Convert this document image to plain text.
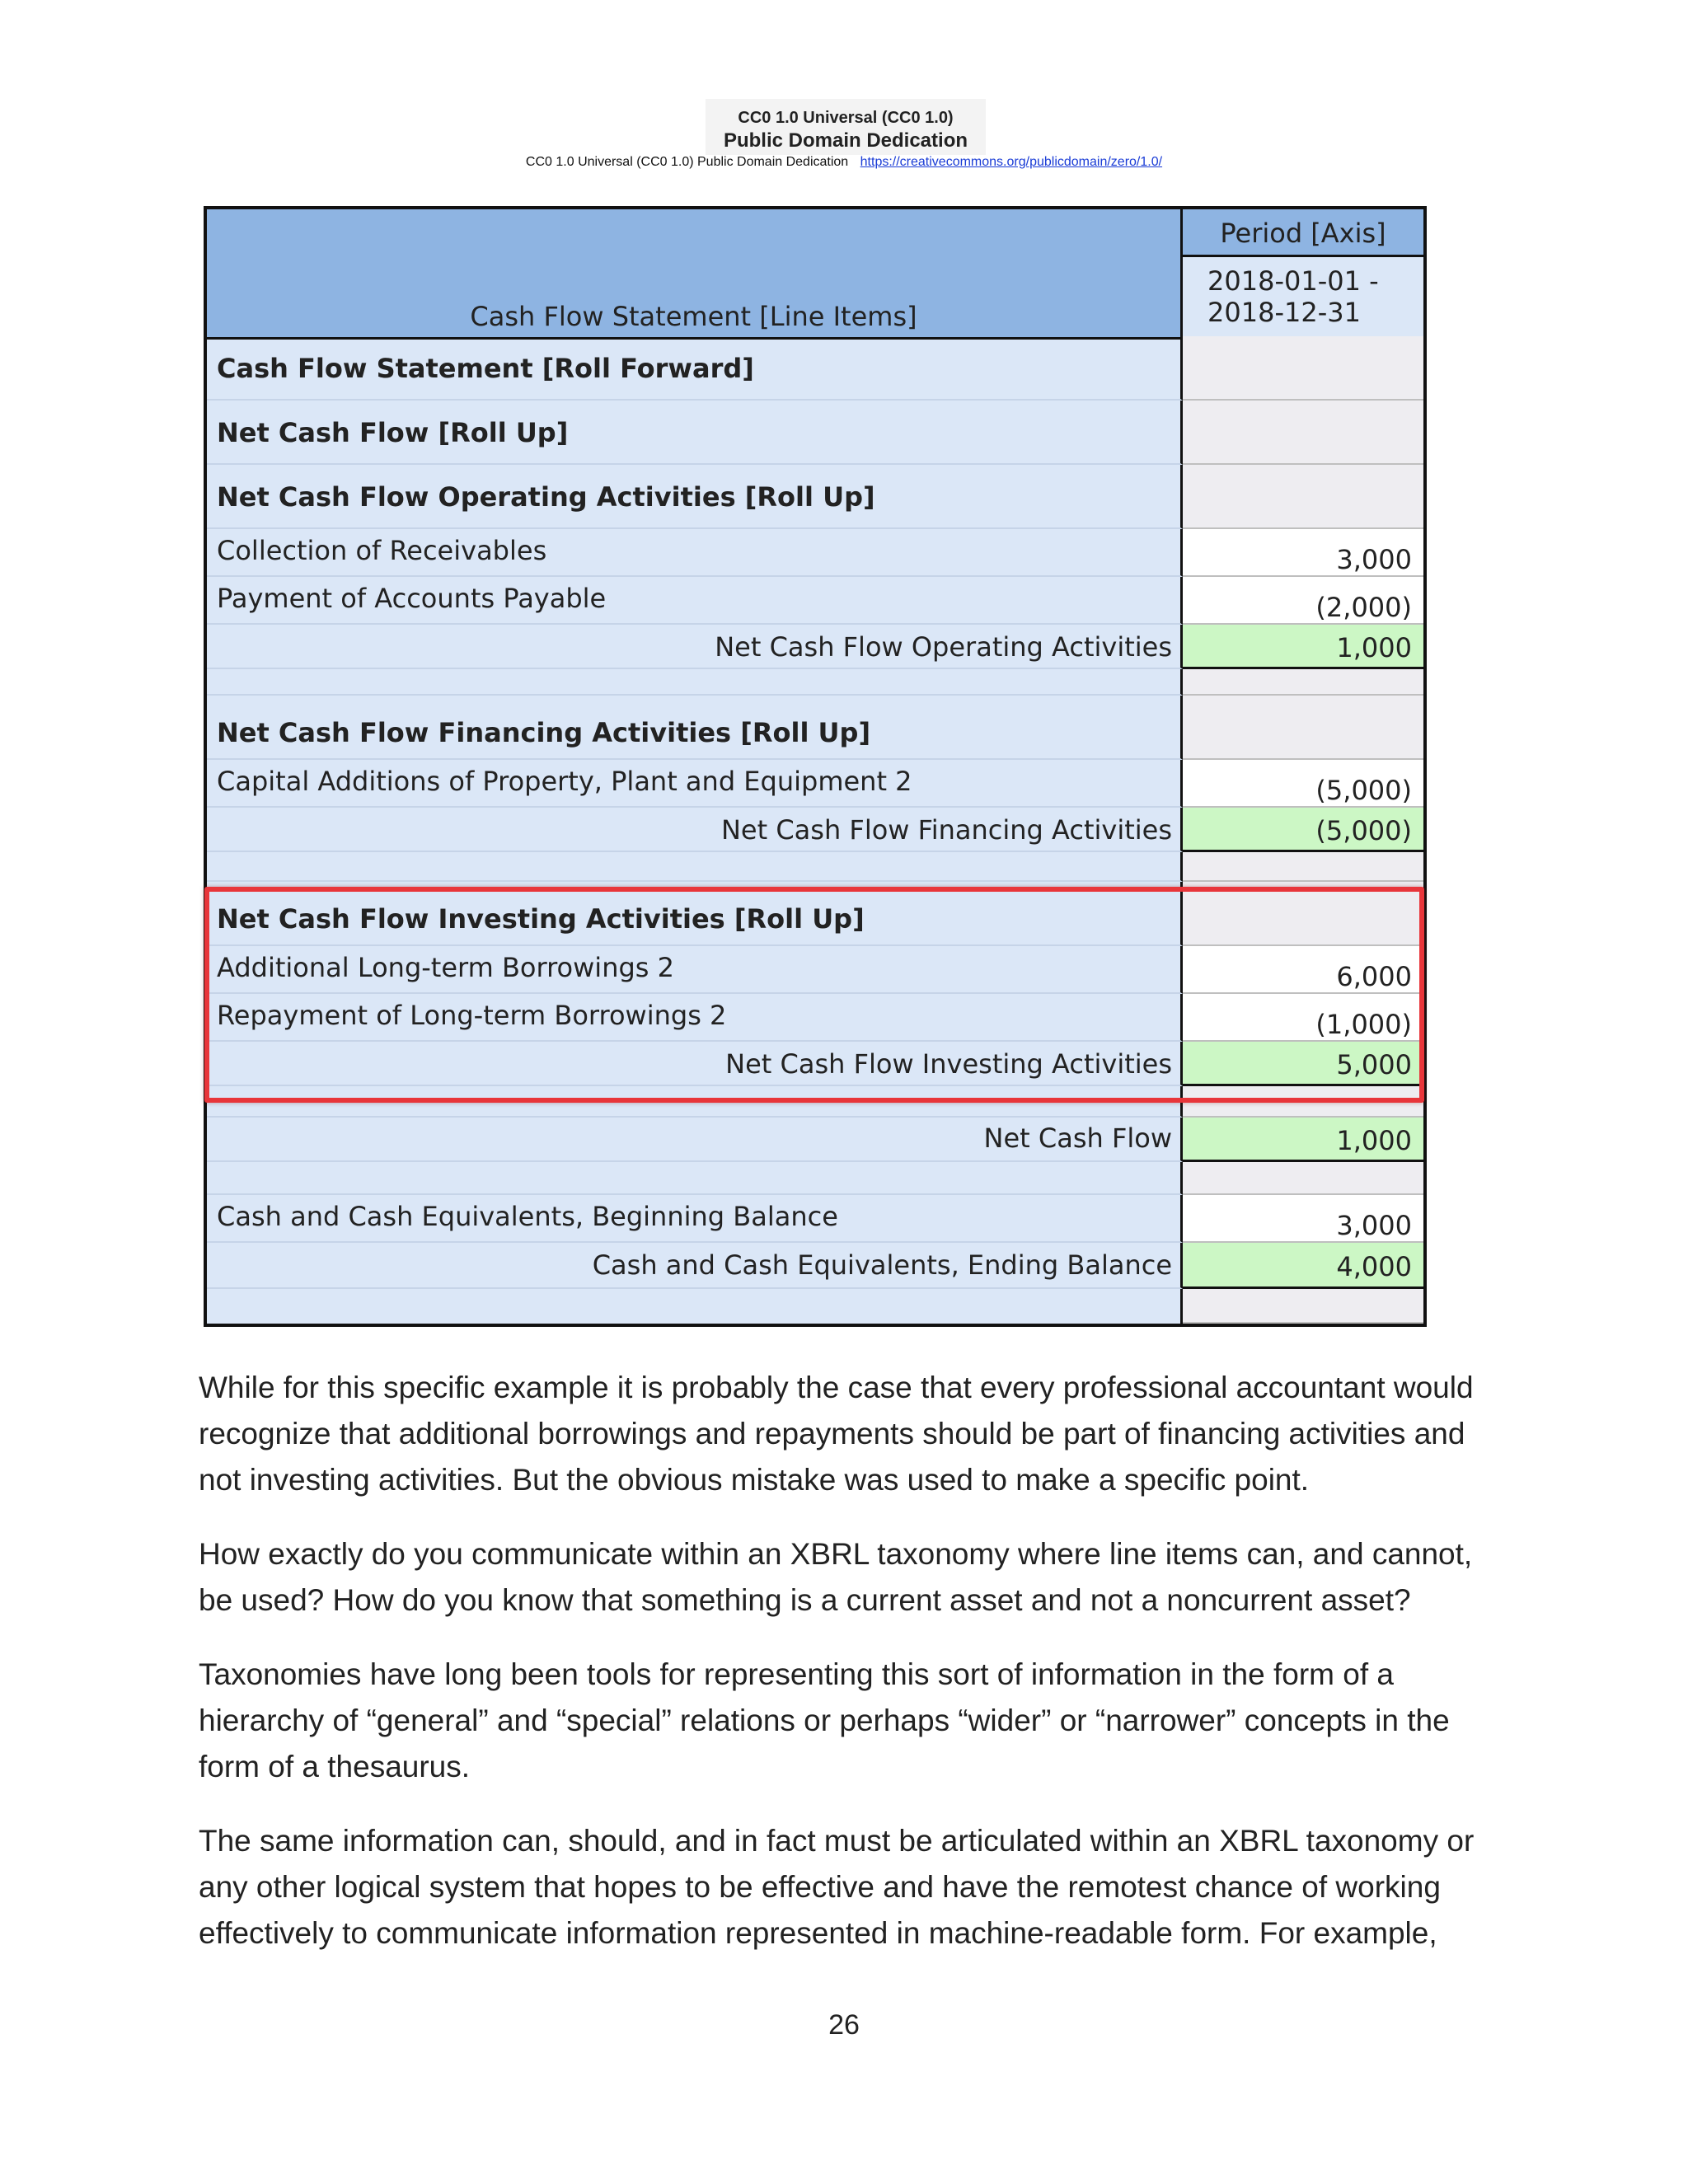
CC0 1.0 Universal (CC0 1.0)
Public Domain Dedication
CC0 1.0 Universal (CC0 1.0) Public Domain Dedication https://creativecommons.org/publicdomain/zero/1.0/
Cash Flow Statement [Line Items]
Period [Axis]
2018-01-01 -
2018-12-31
Cash Flow Statement [Roll Forward]
Net Cash Flow [Roll Up]
Net Cash Flow Operating Activities [Roll Up]
Collection of Receivables	3,000
Payment of Accounts Payable	(2,000)
Net Cash Flow Operating Activities	1,000
Net Cash Flow Financing Activities [Roll Up]
Capital Additions of Property, Plant and Equipment 2	(5,000)
Net Cash Flow Financing Activities	(5,000)
Net Cash Flow Investing Activities [Roll Up]
Additional Long-term Borrowings 2	6,000
Repayment of Long-term Borrowings 2	(1,000)
Net Cash Flow Investing Activities	5,000
Net Cash Flow	1,000
Cash and Cash Equivalents, Beginning Balance	3,000
Cash and Cash Equivalents, Ending Balance	4,000
While for this specific example it is probably the case that every professional accountant would
recognize that additional borrowings and repayments should be part of financing activities and
not investing activities. But the obvious mistake was used to make a specific point.
How exactly do you communicate within an XBRL taxonomy where line items can, and cannot,
be used? How do you know that something is a current asset and not a noncurrent asset?
Taxonomies have long been tools for representing this sort of information in the form of a
hierarchy of “general” and “special” relations or perhaps “wider” or “narrower” concepts in the
form of a thesaurus.
The same information can, should, and in fact must be articulated within an XBRL taxonomy or
any other logical system that hopes to be effective and have the remotest chance of working
effectively to communicate information represented in machine-readable form. For example,
26
